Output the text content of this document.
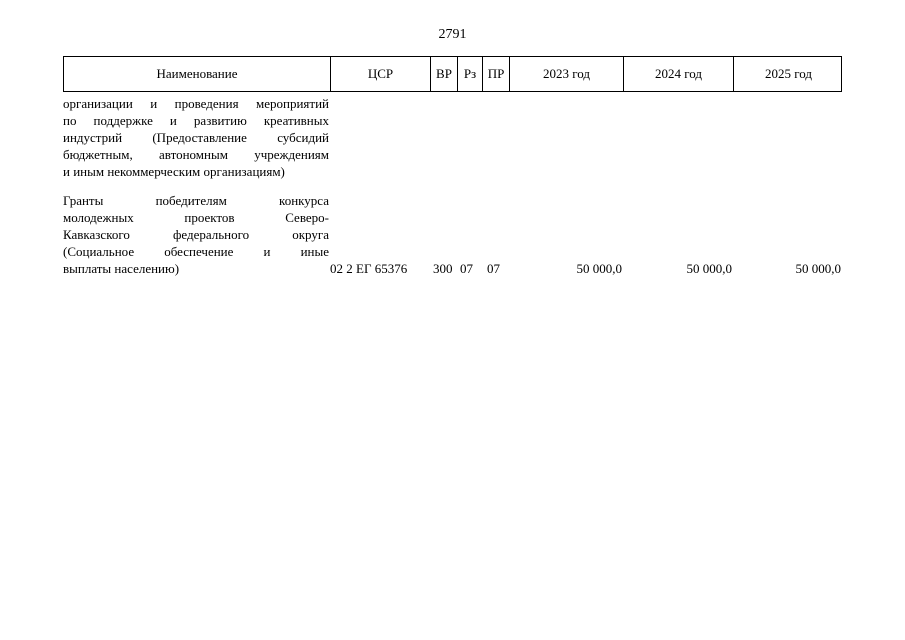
2791
Наименование	ЦСР	ВР Рз ПР	2023 год	2024 год	2025 год
организации и проведения мероприятий
по поддержке и развитию креативных
индустрий (Предоставление субсидий
бюджетным, автономным учреждениям
и иным некоммерческим организациям)
Гранты победителям конкурса
молодежных проектов Северо-
Кавказского федерального округа
(Социальное обеспечение и иные
выплаты населению)	02 2 ЕГ 65376 300 07 07	50 000,0	50 000,0	50 000,0
